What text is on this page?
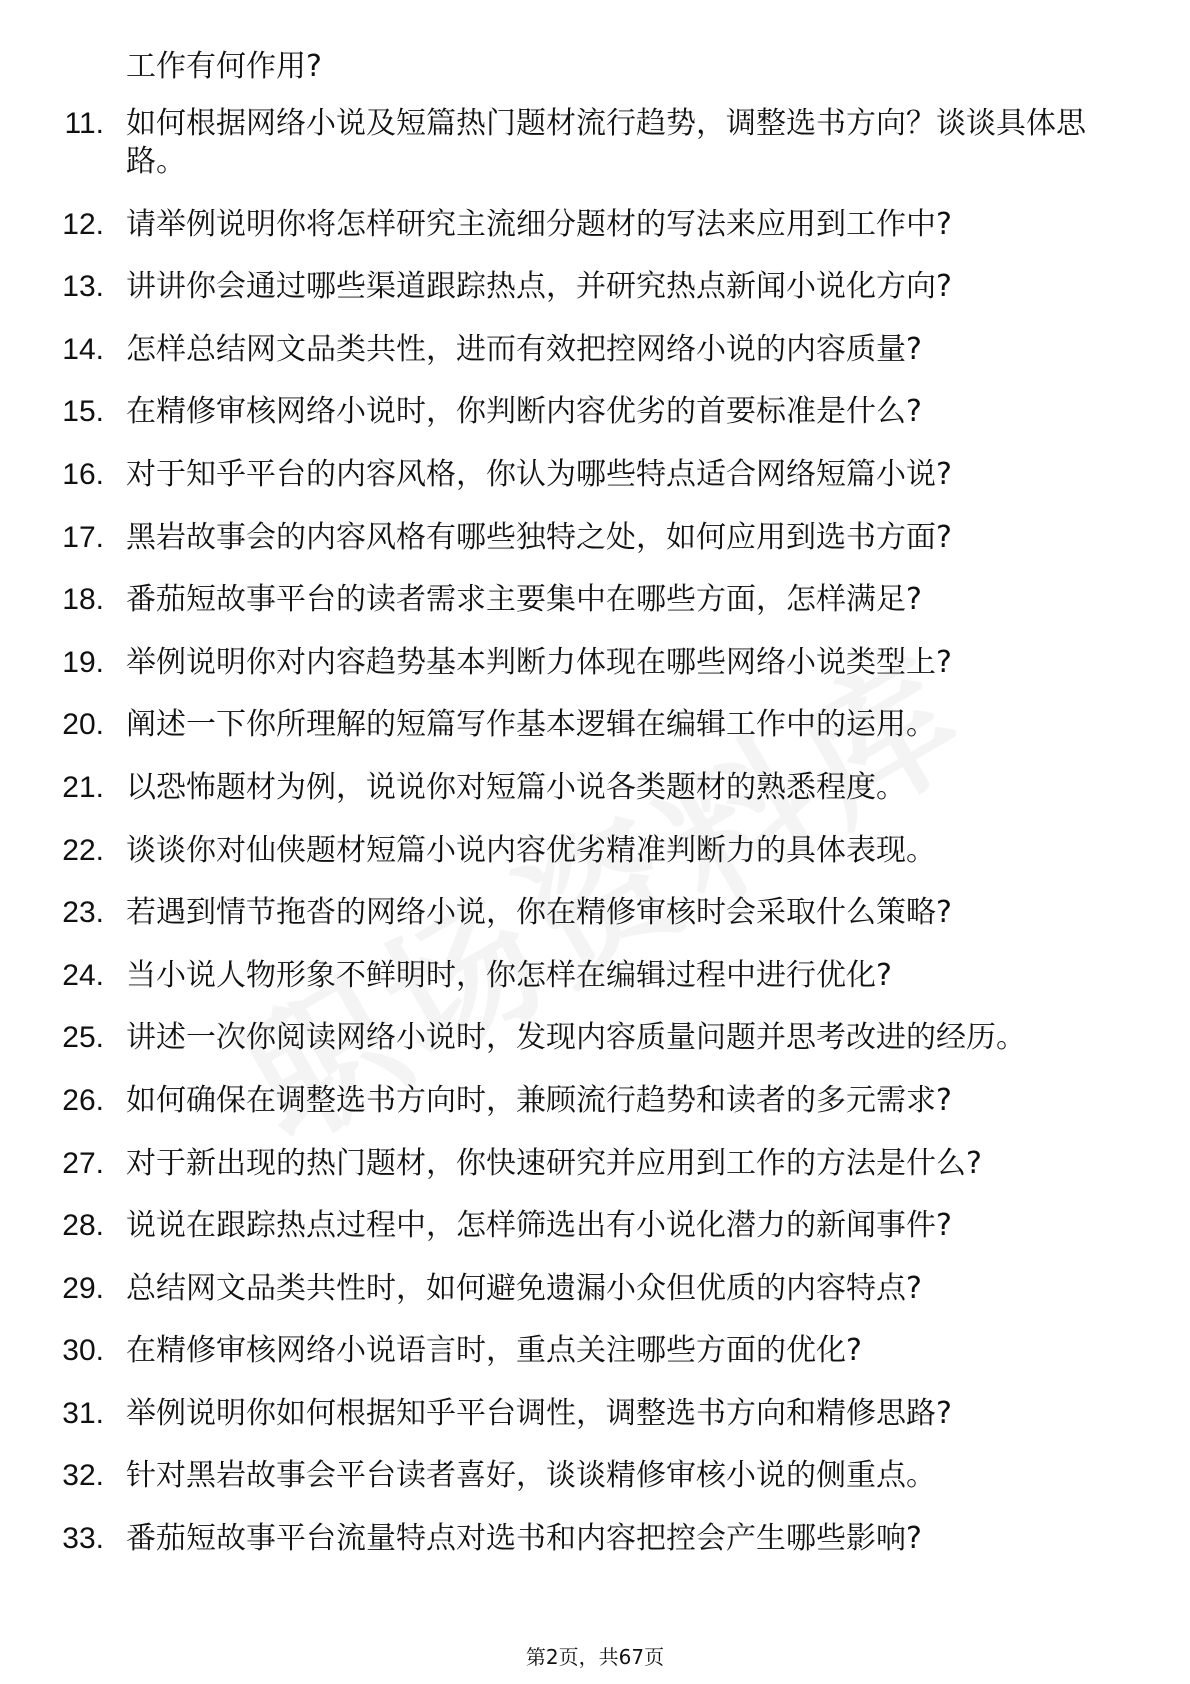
工作有何作用?

11. 如何根据网络小说及短篇热门题材流行趋势，调整选书方向？谈谈具体思路。
12. 请举例说明你将怎样研究主流细分题材的写法来应用到工作中?
13. 讲讲你会通过哪些渠道跟踪热点，并研究热点新闻小说化方向?
14. 怎样总结网文品类共性，进而有效把控网络小说的内容质量?
15. 在精修审核网络小说时，你判断内容优劣的首要标准是什么?
16. 对于知乎平台的内容风格，你认为哪些特点适合网络短篇小说?
17. 黑岩故事会的内容风格有哪些独特之处，如何应用到选书方面?
18. 番茄短故事平台的读者需求主要集中在哪些方面，怎样满足?
19. 举例说明你对内容趋势基本判断力体现在哪些网络小说类型上?
20. 阐述一下你所理解的短篇写作基本逻辑在编辑工作中的运用。
21. 以恐怖题材为例，说说你对短篇小说各类题材的熟悉程度。
22. 谈谈你对仙侠题材短篇小说内容优劣精准判断力的具体表现。
23. 若遇到情节拖沓的网络小说，你在精修审核时会采取什么策略?
24. 当小说人物形象不鲜明时，你怎样在编辑过程中进行优化?
25. 讲述一次你阅读网络小说时，发现内容质量问题并思考改进的经历。
26. 如何确保在调整选书方向时，兼顾流行趋势和读者的多元需求?
27. 对于新出现的热门题材，你快速研究并应用到工作的方法是什么?
28. 说说在跟踪热点过程中，怎样筛选出有小说化潜力的新闻事件?
29. 总结网文品类共性时，如何避免遗漏小众但优质的内容特点?
30. 在精修审核网络小说语言时，重点关注哪些方面的优化?
31. 举例说明你如何根据知乎平台调性，调整选书方向和精修思路?
32. 针对黑岩故事会平台读者喜好，谈谈精修审核小说的侧重点。
33. 番茄短故事平台流量特点对选书和内容把控会产生哪些影响?
第2页，共67页
